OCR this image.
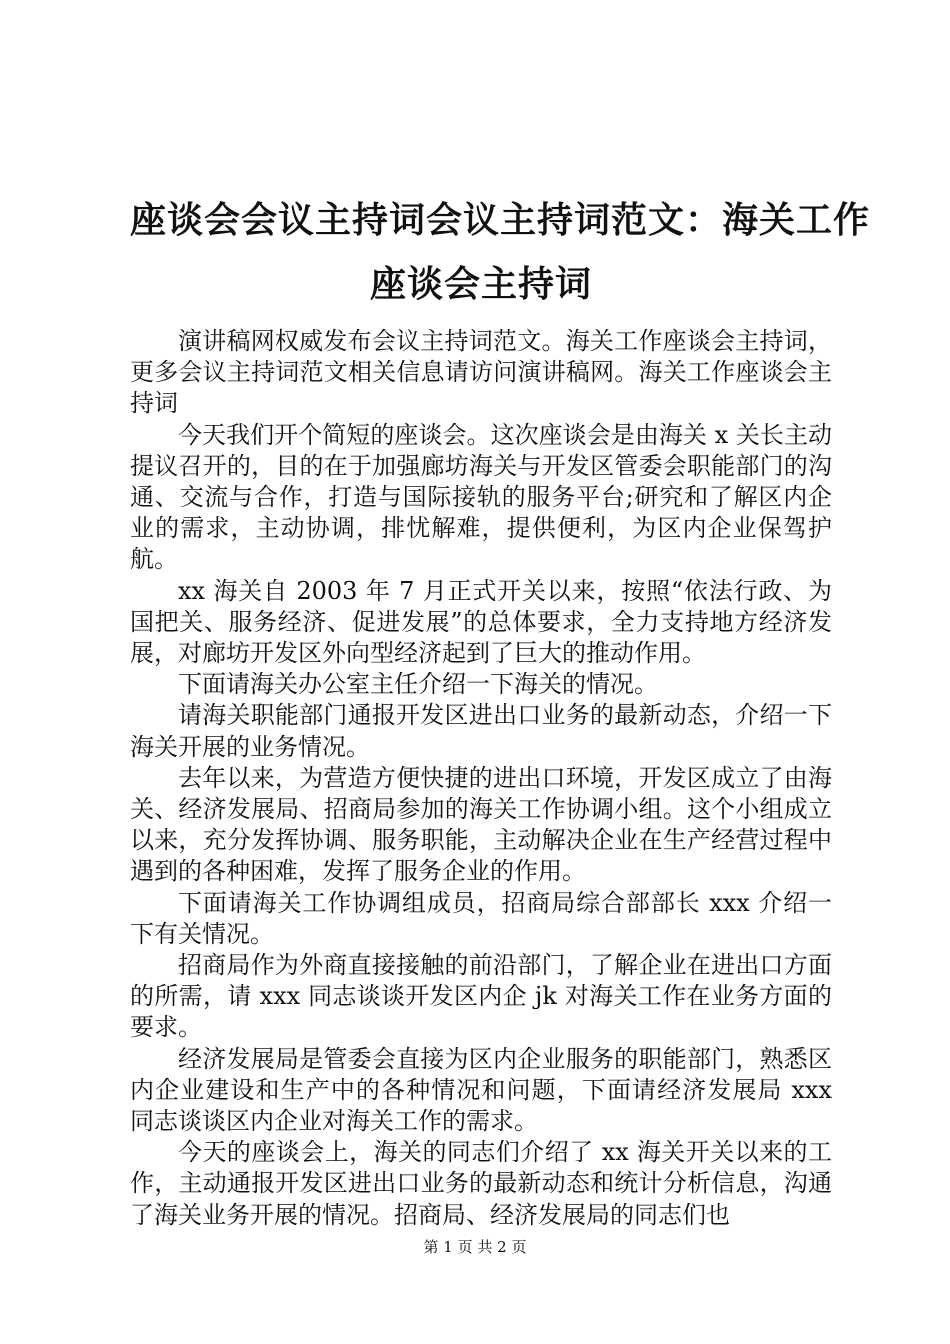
座谈会会议主持词会议主持词范文：海关工作
座谈会主持词

演讲稿网权威发布会议主持词范文。海关工作座谈会主持词，更多会议主持词范文相关信息请访问演讲稿网。海关工作座谈会主持词

今天我们开个简短的座谈会。这次座谈会是由海关 x 关长主动提议召开的，目的在于加强廊坊海关与开发区管委会职能部门的沟通、交流与合作，打造与国际接轨的服务平台;研究和了解区内企业的需求，主动协调，排忧解难，提供便利，为区内企业保驾护航。

xx 海关自 2003 年 7 月正式开关以来，按照“依法行政、为国把关、服务经济、促进发展”的总体要求，全力支持地方经济发展，对廊坊开发区外向型经济起到了巨大的推动作用。

下面请海关办公室主任介绍一下海关的情况。

请海关职能部门通报开发区进出口业务的最新动态，介绍一下海关开展的业务情况。

去年以来，为营造方便快捷的进出口环境，开发区成立了由海关、经济发展局、招商局参加的海关工作协调小组。这个小组成立以来，充分发挥协调、服务职能，主动解决企业在生产经营过程中遇到的各种困难，发挥了服务企业的作用。

下面请海关工作协调组成员，招商局综合部部长 xxx 介绍一下有关情况。

招商局作为外商直接接触的前沿部门，了解企业在进出口方面的所需，请 xxx 同志谈谈开发区内企 jk 对海关工作在业务方面的要求。

经济发展局是管委会直接为区内企业服务的职能部门，熟悉区内企业建设和生产中的各种情况和问题，下面请经济发展局 xxx 同志谈谈区内企业对海关工作的需求。

今天的座谈会上，海关的同志们介绍了 xx 海关开关以来的工作，主动通报开发区进出口业务的最新动态和统计分析信息，沟通了海关业务开展的情况。招商局、经济发展局的同志们也

第 1 页 共 2 页
